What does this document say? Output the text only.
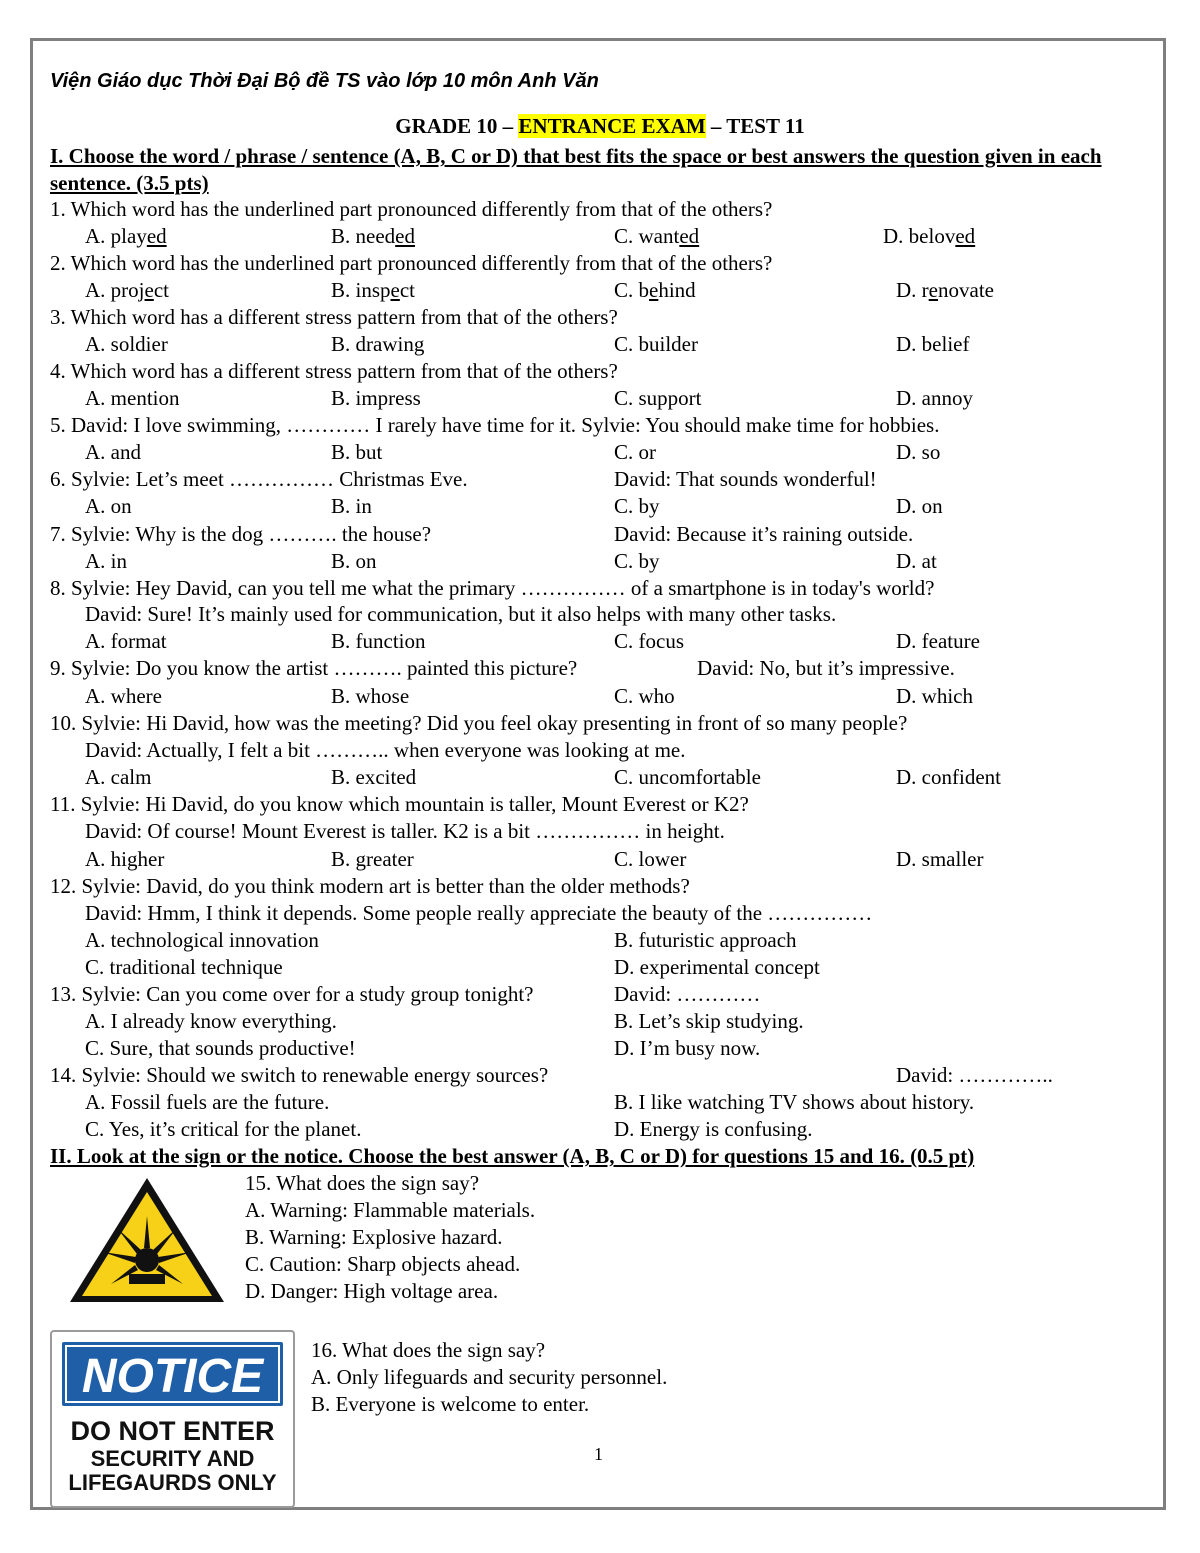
Viện Giáo dục Thời Đại Bộ đề TS vào lớp 10 môn Anh Văn
GRADE 10 – ENTRANCE EXAM – TEST 11
I. Choose the word / phrase / sentence (A, B, C or D) that best fits the space or best answers the question given in each sentence. (3.5 pts)
1. Which word has the underlined part pronounced differently from that of the others?
A. played	B. needed	C. wanted	D. beloved
2. Which word has the underlined part pronounced differently from that of the others?
A. project	B. inspect	C. behind	D. renovate
3. Which word has a different stress pattern from that of the others?
A. soldier	B. drawing	C. builder	D. belief
4. Which word has a different stress pattern from that of the others?
A. mention	B. impress	C. support	D. annoy
5. David: I love swimming, ………… I rarely have time for it. Sylvie: You should make time for hobbies.
A. and	B. but	C. or	D. so
6. Sylvie: Let’s meet …………… Christmas Eve.	David: That sounds wonderful!
A. on	B. in	C. by	D. on
7. Sylvie: Why is the dog ………. the house?	David: Because it’s raining outside.
A. in	B. on	C. by	D. at
8. Sylvie: Hey David, can you tell me what the primary …………… of a smartphone is in today's world?
David: Sure! It’s mainly used for communication, but it also helps with many other tasks.
A. format	B. function	C. focus	D. feature
9. Sylvie: Do you know the artist ………. painted this picture?	David: No, but it’s impressive.
A. where	B. whose	C. who	D. which
10. Sylvie: Hi David, how was the meeting? Did you feel okay presenting in front of so many people?
David: Actually, I felt a bit ……….. when everyone was looking at me.
A. calm	B. excited	C. uncomfortable	D. confident
11. Sylvie: Hi David, do you know which mountain is taller, Mount Everest or K2?
David: Of course! Mount Everest is taller. K2 is a bit …………… in height.
A. higher	B. greater	C. lower	D. smaller
12. Sylvie: David, do you think modern art is better than the older methods?
David: Hmm, I think it depends. Some people really appreciate the beauty of the ……………
A. technological innovation	B. futuristic approach
C. traditional technique	D. experimental concept
13. Sylvie: Can you come over for a study group tonight?	David: …………
A. I already know everything.	B. Let’s skip studying.
C. Sure, that sounds productive!	D. I’m busy now.
14. Sylvie: Should we switch to renewable energy sources?	David: …………..
A. Fossil fuels are the future.	B. I like watching TV shows about history.
C. Yes, it’s critical for the planet.	D. Energy is confusing.
II. Look at the sign or the notice. Choose the best answer (A, B, C or D) for questions 15 and 16. (0.5 pt)
15. What does the sign say?
A. Warning: Flammable materials.
B. Warning: Explosive hazard.
C. Caution: Sharp objects ahead.
D. Danger: High voltage area.
NOTICE
DO NOT ENTER
SECURITY AND
LIFEGAURDS ONLY
16. What does the sign say?
A. Only lifeguards and security personnel.
B. Everyone is welcome to enter.
1
